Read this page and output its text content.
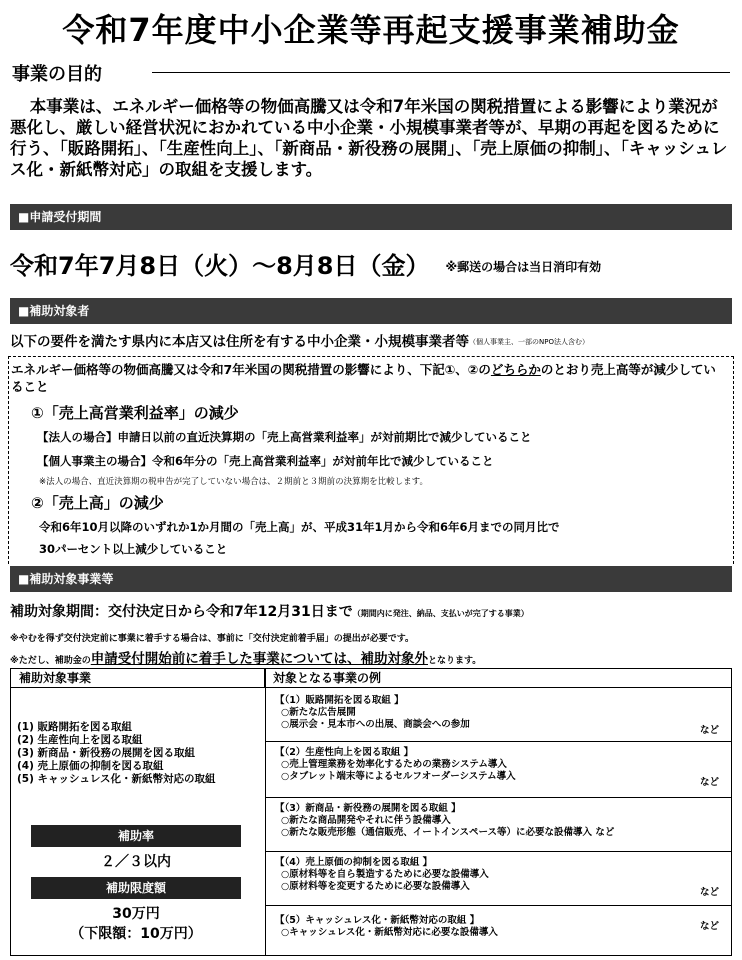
令和7年度中小企業等再起支援事業補助金
事業の目的
本事業は、エネルギー価格等の物価高騰又は令和7年米国の関税措置による影響により業況が悪化し、厳しい経営状況におかれている中小企業・小規模事業者等が、早期の再起を図るために行う、「販路開拓」、「生産性向上」、「新商品・新役務の展開」、「売上原価の抑制」、「キャッシュレス化・新紙幣対応」の取組を支援します。
■申請受付期間
令和7年7月8日（火）〜8月8日（金） ※郵送の場合は当日消印有効
■補助対象者
以下の要件を満たす県内に本店又は住所を有する中小企業・小規模事業者等（個人事業主、一部のNPO法人含む）
エネルギー価格等の物価高騰又は令和7年米国の関税措置の影響により、下記①、②のどちらかのとおり売上高等が減少していること
①「売上高営業利益率」の減少
【法人の場合】申請日以前の直近決算期の「売上高営業利益率」が対前期比で減少していること
【個人事業主の場合】令和6年分の「売上高営業利益率」が対前年比で減少していること
※法人の場合、直近決算期の税申告が完了していない場合は、２期前と３期前の決算期を比較します。
②「売上高」の減少
令和6年10月以降のいずれか1か月間の「売上高」が、平成31年1月から令和6年6月までの同月比で
30パーセント以上減少していること
■補助対象事業等
補助対象期間：交付決定日から令和7年12月31日まで（期間内に発注、納品、支払いが完了する事業）
※やむを得ず交付決定前に事業に着手する場合は、事前に「交付決定前着手届」の提出が必要です。
※ただし、補助金の申請受付開始前に着手した事業については、補助対象外となります。
補助対象事業	対象となる事業の例
(1) 販路開拓を図る取組
(2) 生産性向上を図る取組
(3) 新商品・新役務の展開を図る取組
(4) 売上原価の抑制を図る取組
(5) キャッシュレス化・新紙幣対応の取組
補助率
２／３以内
補助限度額
30万円
（下限額：10万円）
【（1）販路開拓を図る取組 】
○新たな広告展開
○展示会・見本市への出展、商談会への参加
など
【（2）生産性向上を図る取組 】
○売上管理業務を効率化するための業務システム導入
○タブレット端末等によるセルフオーダーシステム導入
など
【（3）新商品・新役務の展開を図る取組 】
○新たな商品開発やそれに伴う設備導入
○新たな販売形態（通信販売、イートインスペース等）に必要な設備導入 など
【（4）売上原価の抑制を図る取組 】
○原材料等を自ら製造するために必要な設備導入
○原材料等を変更するために必要な設備導入
など
【（5）キャッシュレス化・新紙幣対応の取組 】
○キャッシュレス化・新紙幣対応に必要な設備導入
など
